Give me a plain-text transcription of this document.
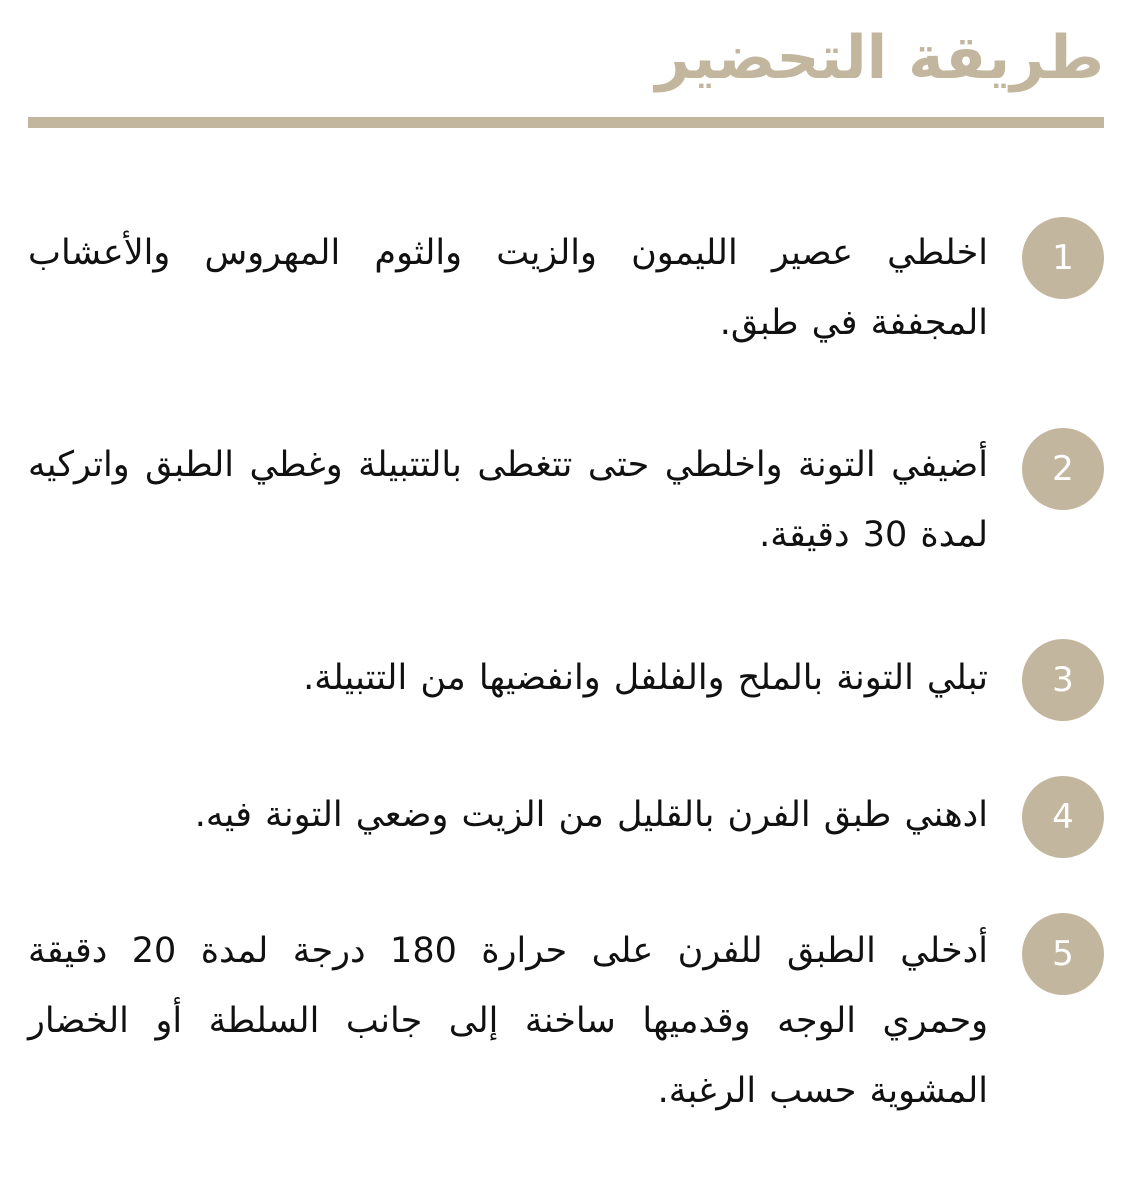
طريقة التحضير
1
اخلطي عصير الليمون والزيت والثوم المهروس والأعشاب المجففة في طبق.
2
أضيفي التونة واخلطي حتى تتغطى بالتتبيلة وغطي الطبق واتركيه لمدة 30 دقيقة.
3
تبلي التونة بالملح والفلفل وانفضيها من التتبيلة.
4
ادهني طبق الفرن بالقليل من الزيت وضعي التونة فيه.
5
أدخلي الطبق للفرن على حرارة 180 درجة لمدة 20 دقيقة وحمري الوجه وقدميها ساخنة إلى جانب السلطة أو الخضار المشوية حسب الرغبة.
